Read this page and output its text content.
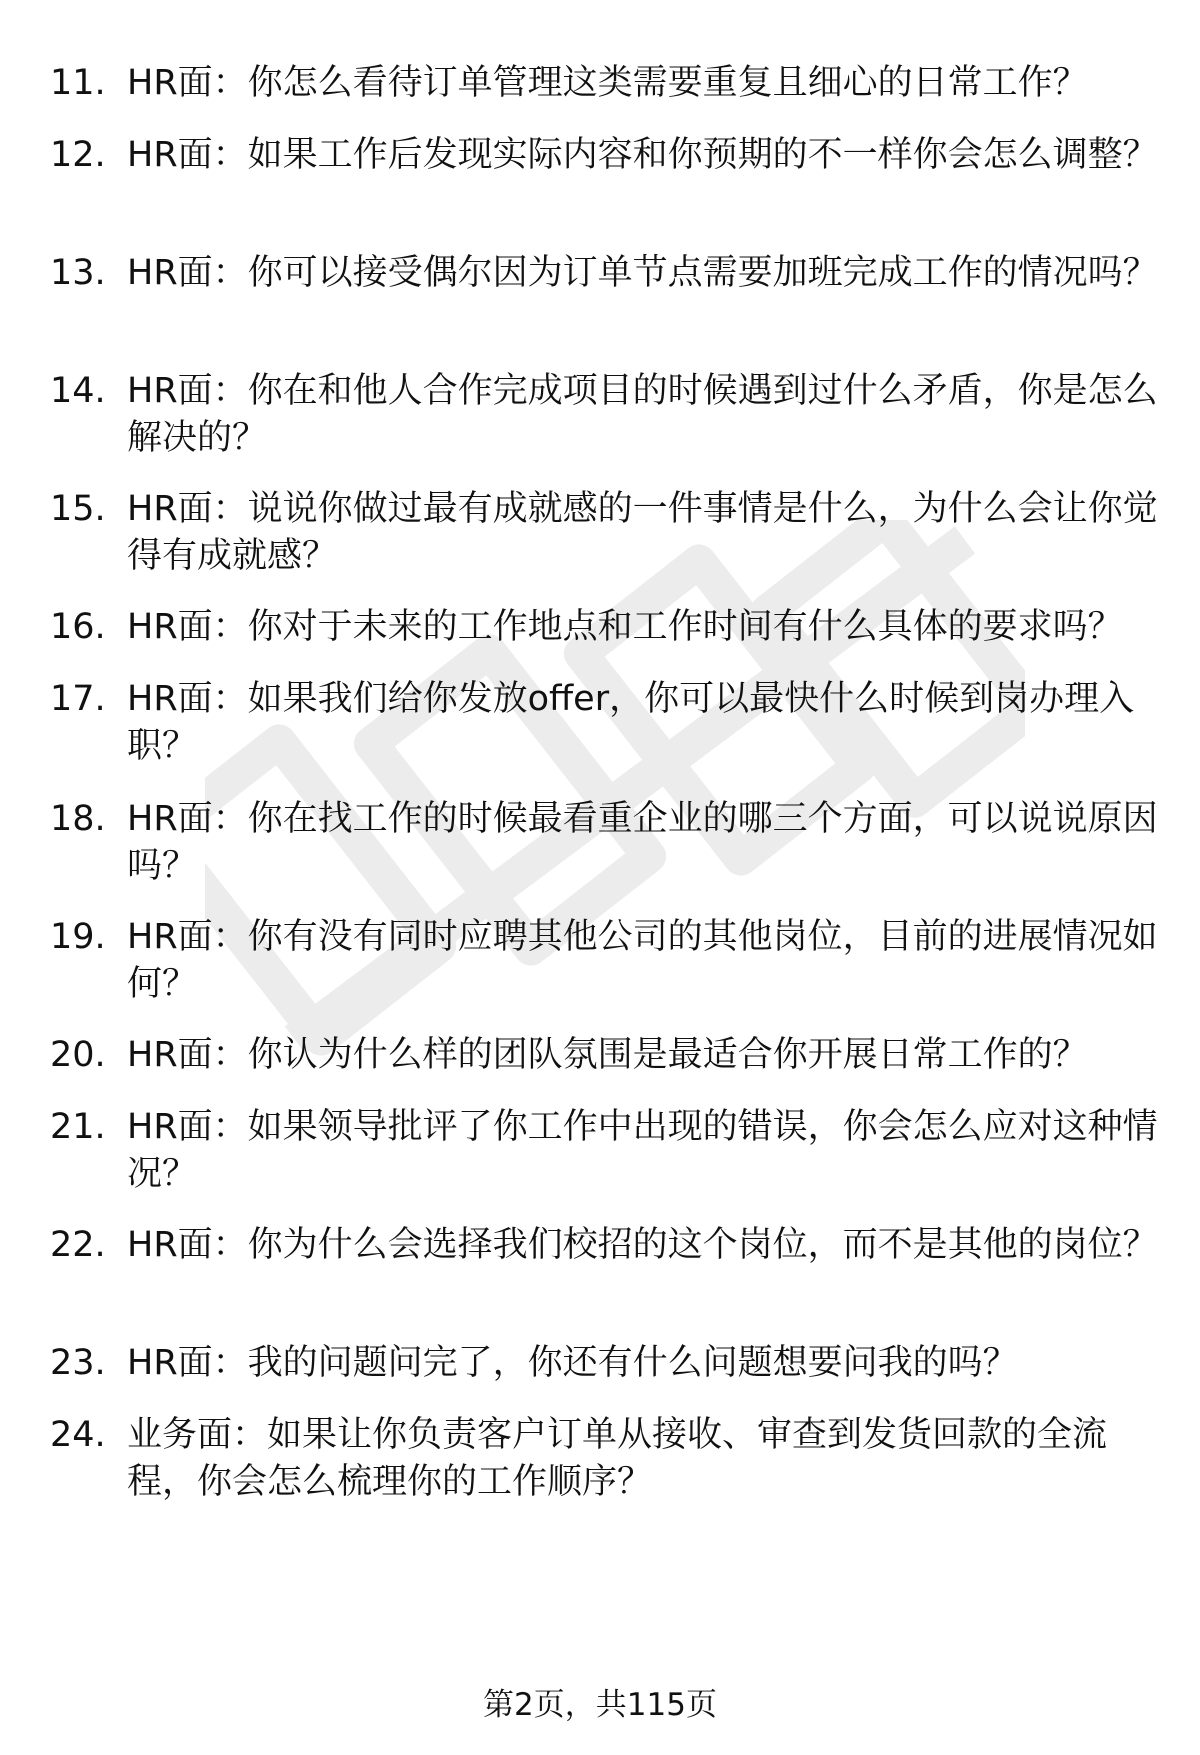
11. HR面：你怎么看待订单管理这类需要重复且细心的日常工作？
12. HR面：如果工作后发现实际内容和你预期的不一样你会怎么调整？
13. HR面：你可以接受偶尔因为订单节点需要加班完成工作的情况吗？
14. HR面：你在和他人合作完成项目的时候遇到过什么矛盾，你是怎么解决的？
15. HR面：说说你做过最有成就感的一件事情是什么，为什么会让你觉得有成就感？
16. HR面：你对于未来的工作地点和工作时间有什么具体的要求吗？
17. HR面：如果我们给你发放offer，你可以最快什么时候到岗办理入职？
18. HR面：你在找工作的时候最看重企业的哪三个方面，可以说说原因吗？
19. HR面：你有没有同时应聘其他公司的其他岗位，目前的进展情况如何？
20. HR面：你认为什么样的团队氛围是最适合你开展日常工作的？
21. HR面：如果领导批评了你工作中出现的错误，你会怎么应对这种情况？
22. HR面：你为什么会选择我们校招的这个岗位，而不是其他的岗位？
23. HR面：我的问题问完了，你还有什么问题想要问我的吗？
24. 业务面：如果让你负责客户订单从接收、审查到发货回款的全流程，你会怎么梳理你的工作顺序？
第2页，共115页
